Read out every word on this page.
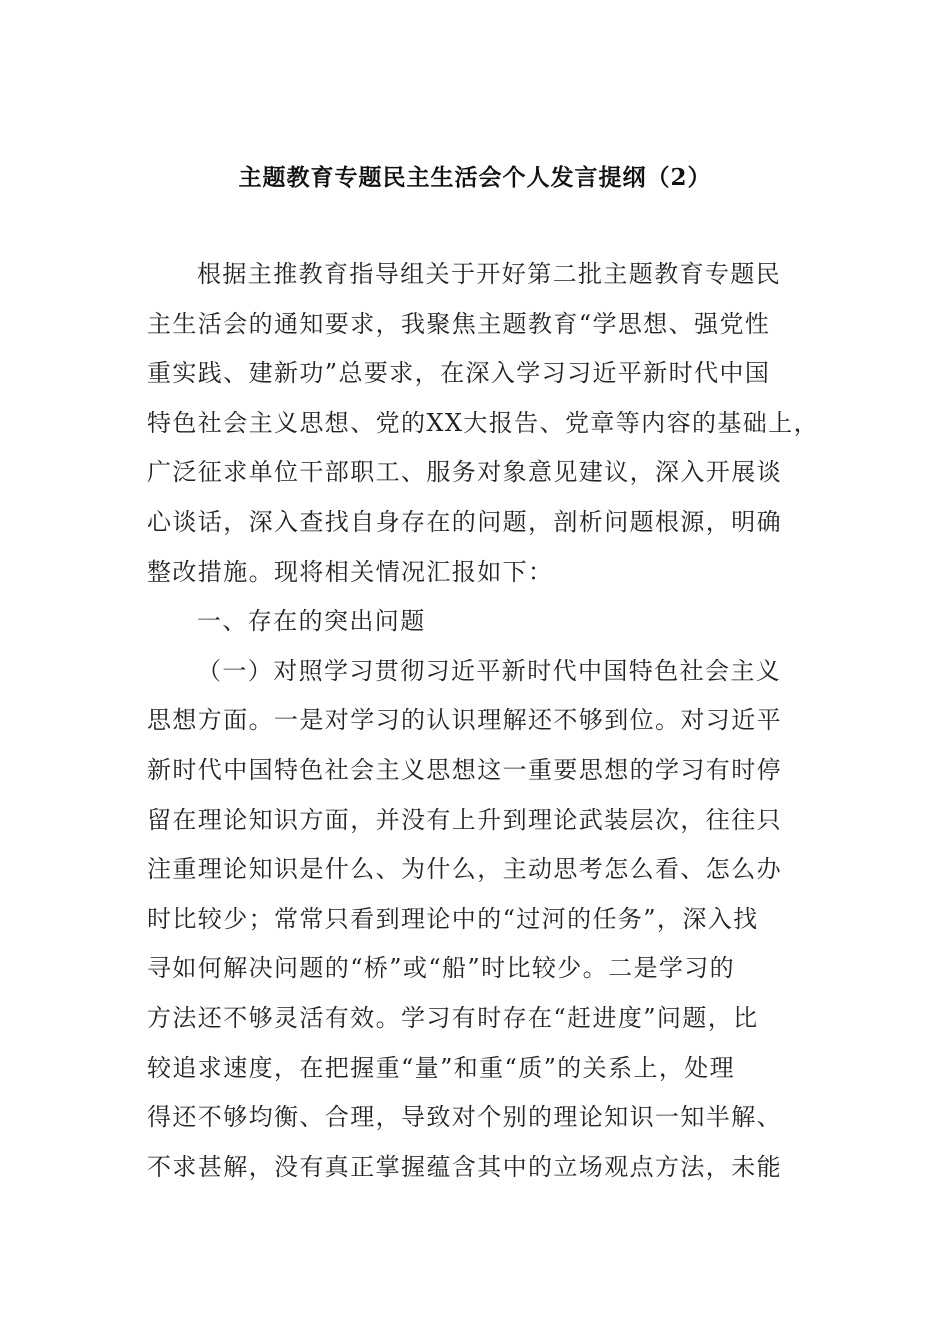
主题教育专题民主生活会个人发言提纲（2）

根据主推教育指导组关于开好第二批主题教育专题民

主生活会的通知要求，我聚焦主题教育“学思想、强党性

重实践、建新功”总要求，在深入学习习近平新时代中国

特色社会主义思想、党的XX大报告、党章等内容的基础上，

广泛征求单位干部职工、服务对象意见建议，深入开展谈

心谈话，深入查找自身存在的问题，剖析问题根源，明确

整改措施。现将相关情况汇报如下：

一、存在的突出问题

（一）对照学习贯彻习近平新时代中国特色社会主义

思想方面。一是对学习的认识理解还不够到位。对习近平

新时代中国特色社会主义思想这一重要思想的学习有时停

留在理论知识方面，并没有上升到理论武装层次，往往只

注重理论知识是什么、为什么，主动思考怎么看、怎么办

时比较少；常常只看到理论中的“过河的任务”，深入找

寻如何解决问题的“桥”或“船”时比较少。二是学习的

方法还不够灵活有效。学习有时存在“赶进度”问题，比

较追求速度，在把握重“量”和重“质”的关系上，处理

得还不够均衡、合理，导致对个别的理论知识一知半解、

不求甚解，没有真正掌握蕴含其中的立场观点方法，未能
